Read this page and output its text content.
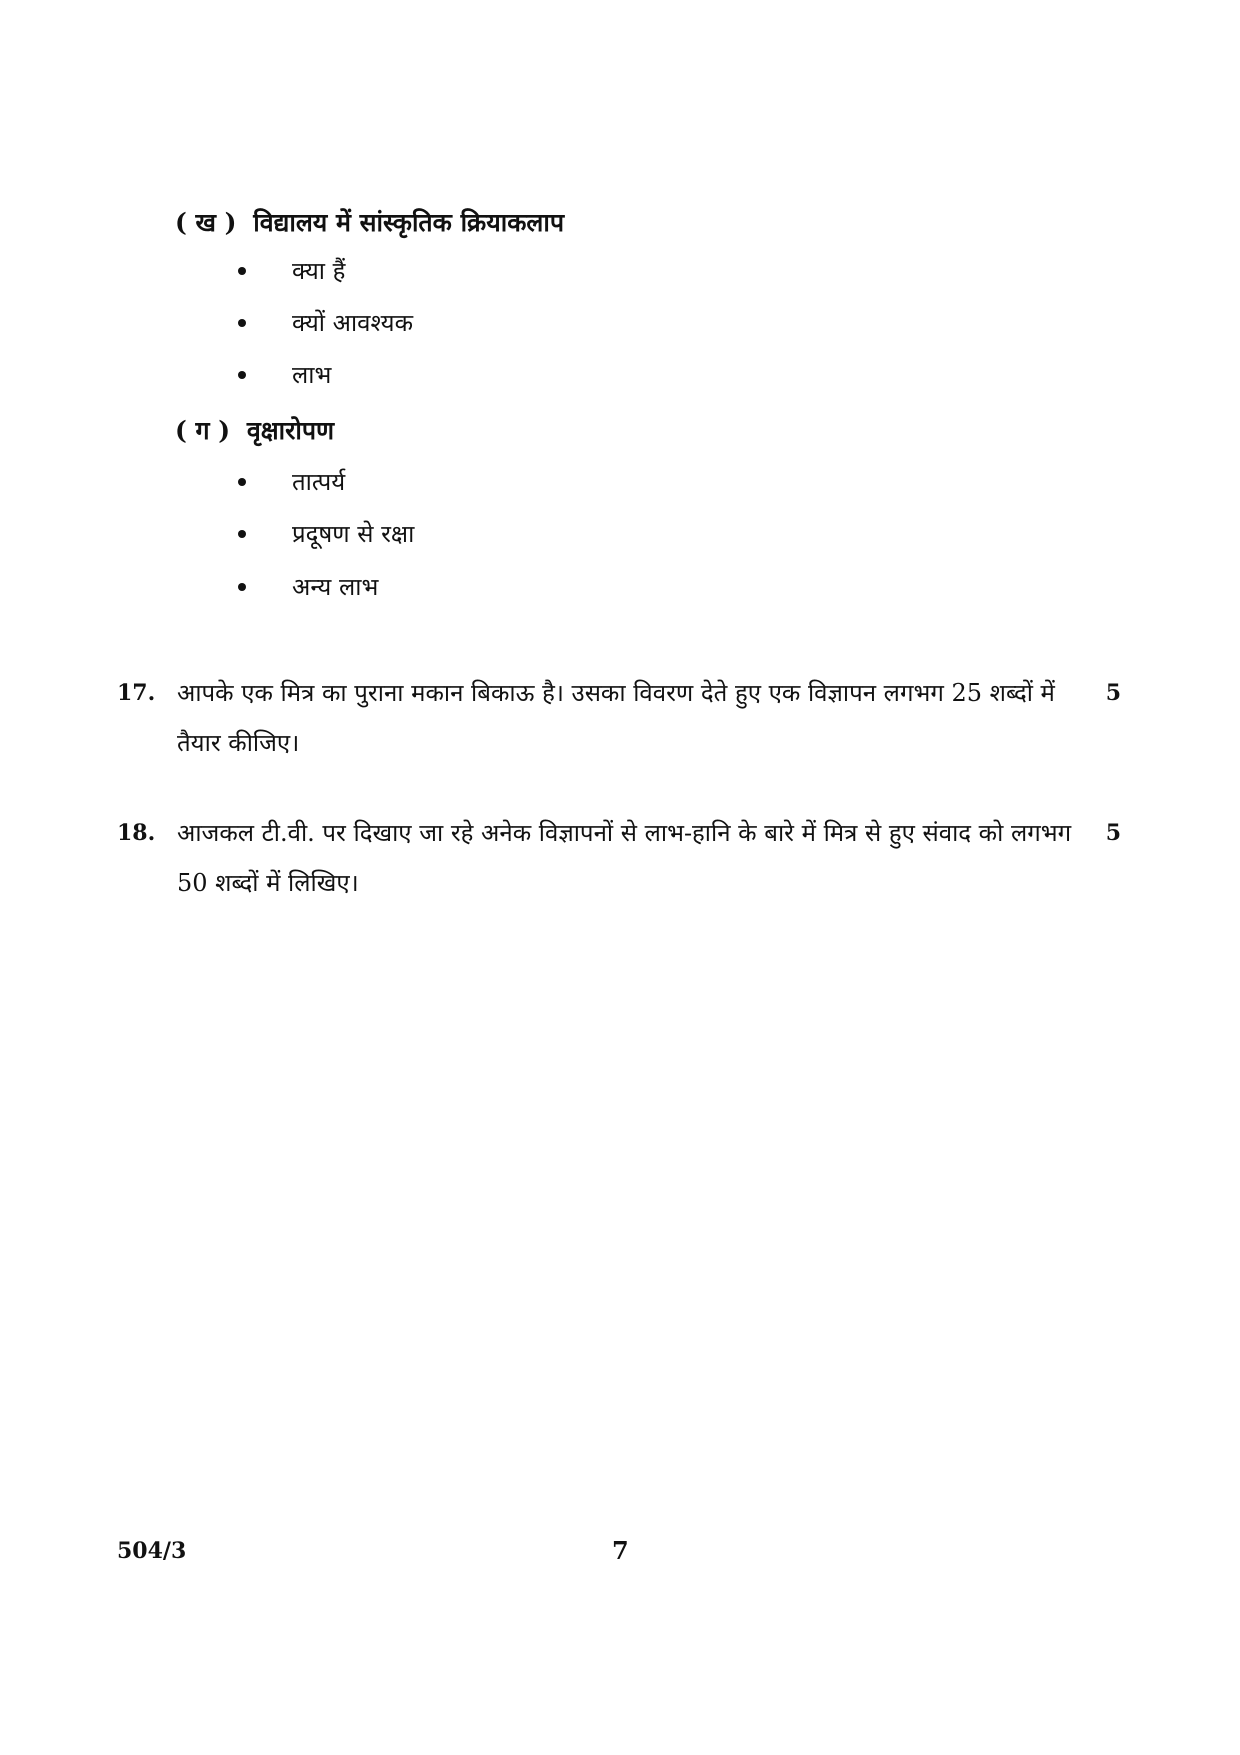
( ख ) विद्यालय में सांस्कृतिक क्रियाकलाप
क्या हैं
क्यों आवश्यक
लाभ
( ग ) वृक्षारोपण
तात्पर्य
प्रदूषण से रक्षा
अन्य लाभ
17. आपके एक मित्र का पुराना मकान बिकाऊ है। उसका विवरण देते हुए एक विज्ञापन लगभग 25 शब्दों में तैयार कीजिए।
5
18. आजकल टी.वी. पर दिखाए जा रहे अनेक विज्ञापनों से लाभ-हानि के बारे में मित्र से हुए संवाद को लगभग 50 शब्दों में लिखिए।
5
504/3	7
